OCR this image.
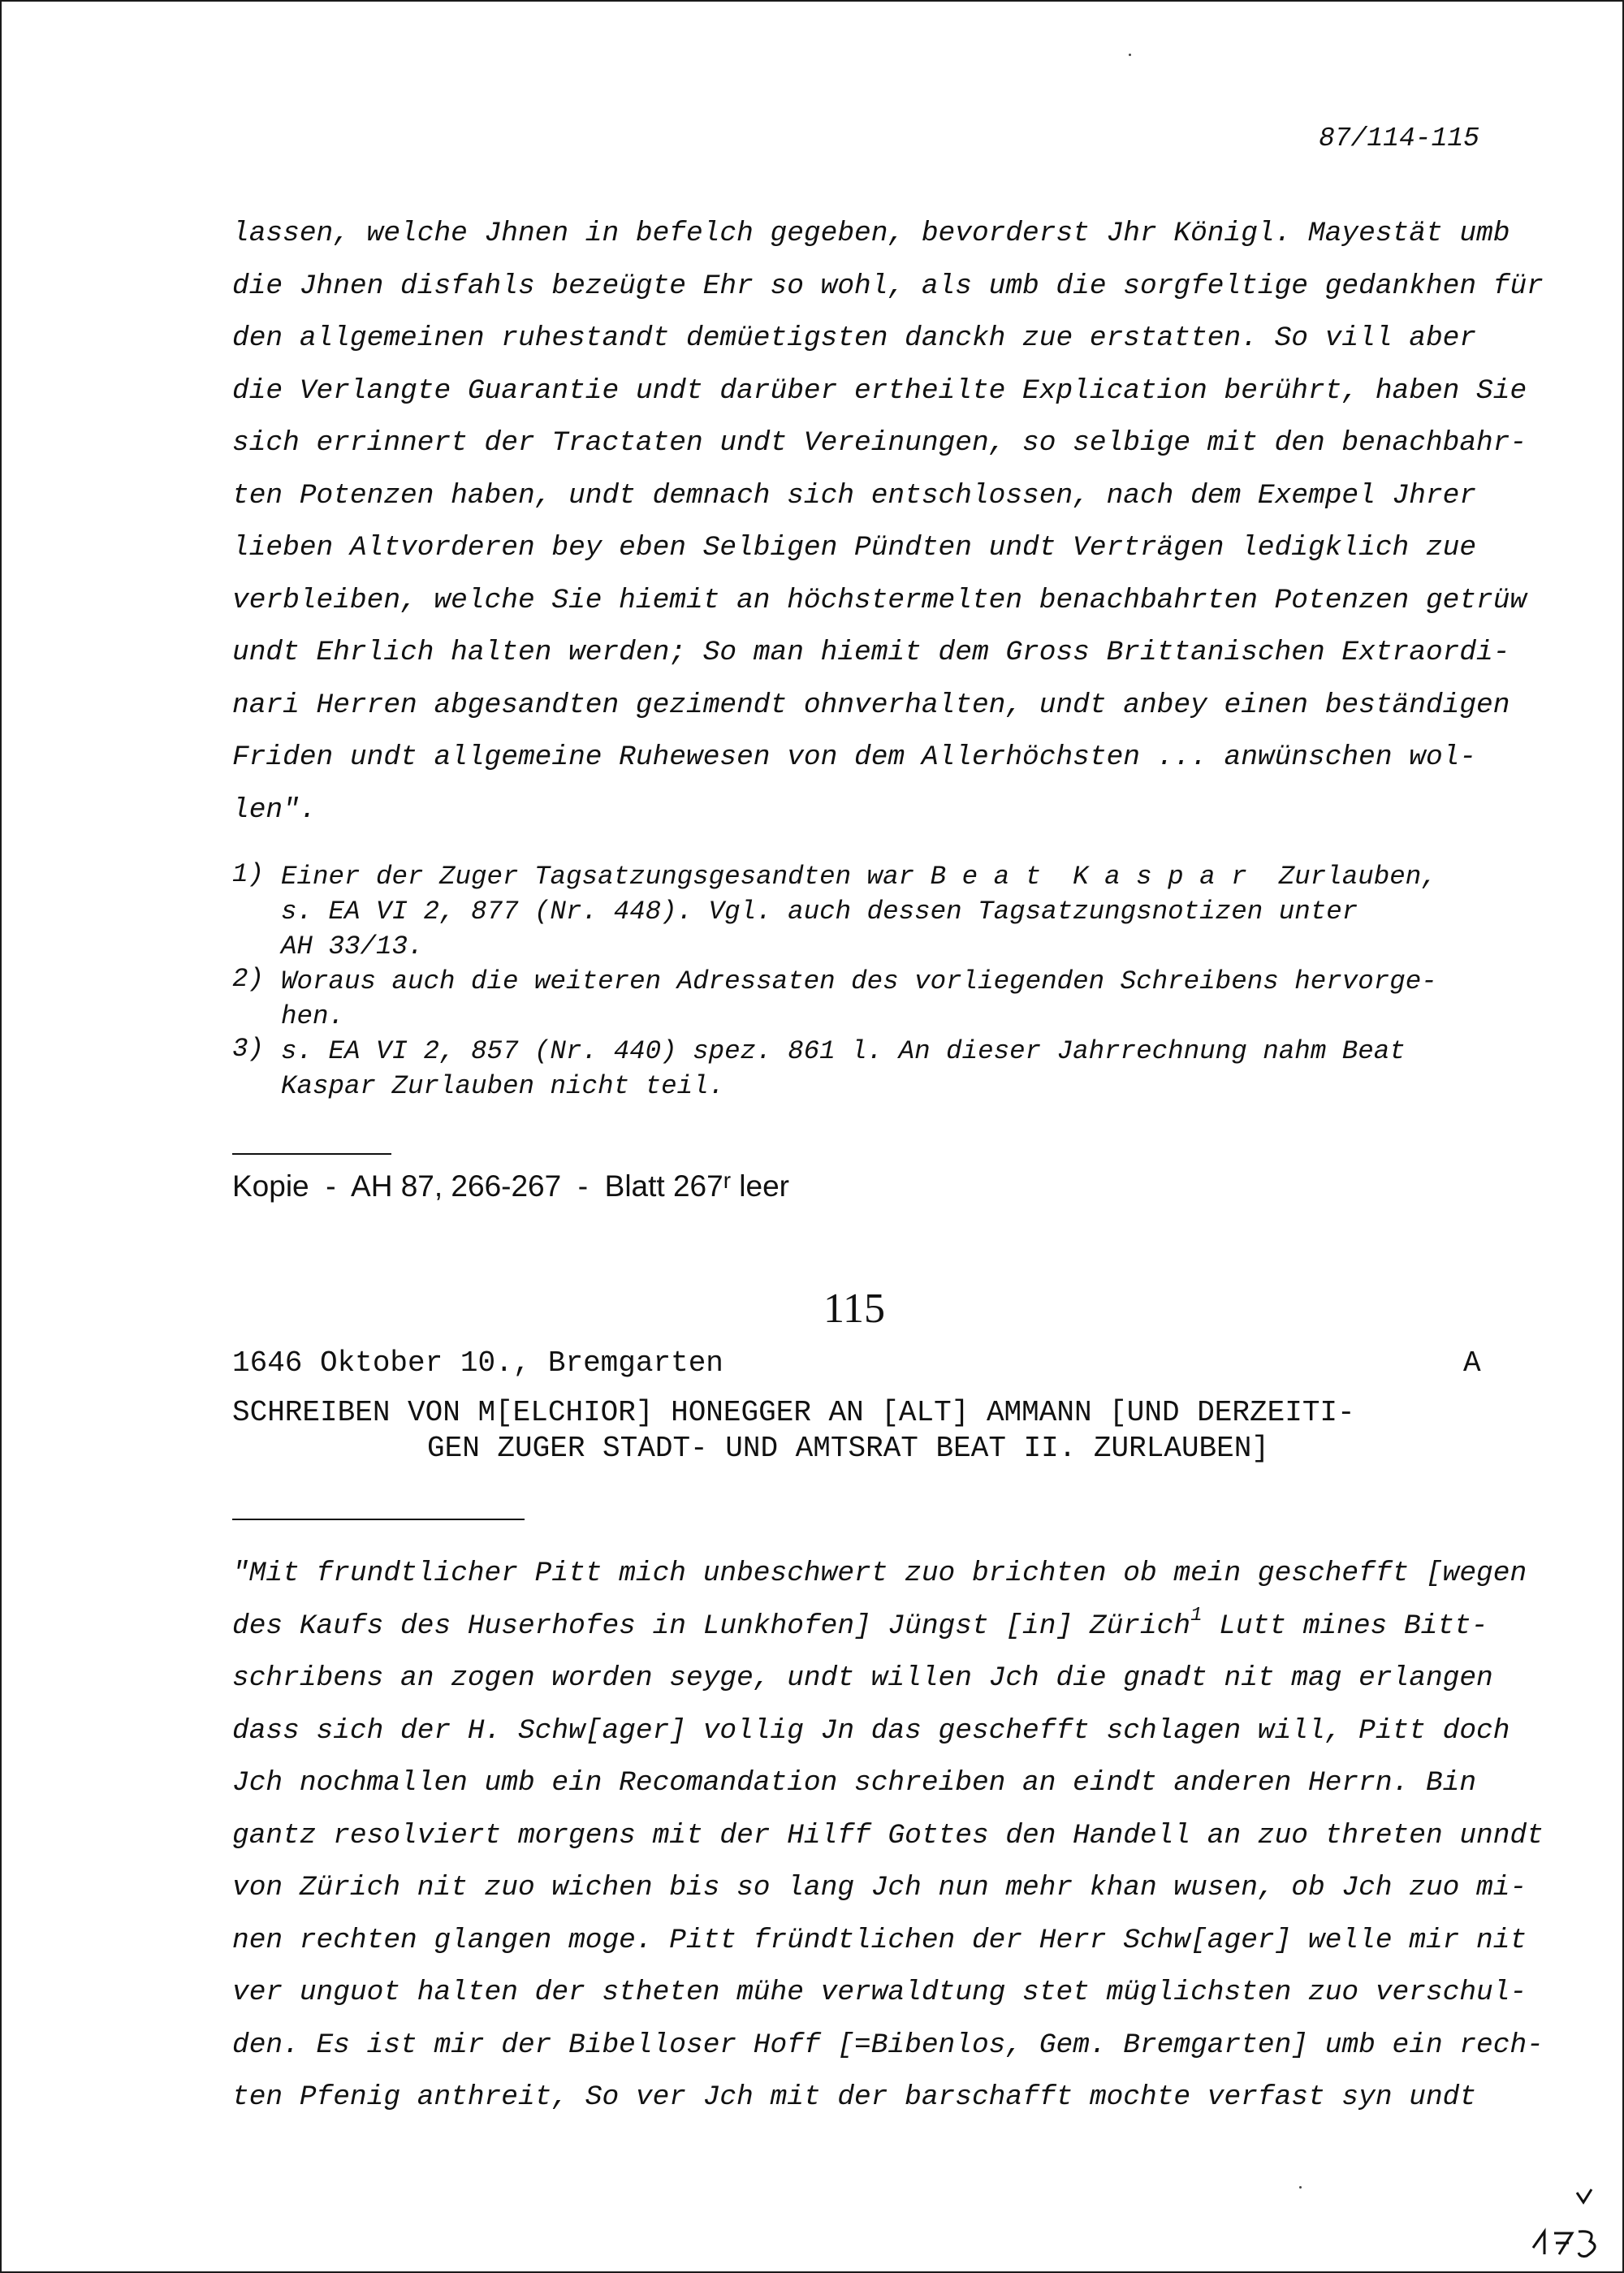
87/114-115
lassen, welche Jhnen in befelch gegeben, bevorderst Jhr Königl. Mayestät umb
die Jhnen disfahls bezeügte Ehr so wohl, als umb die sorgfeltige gedankhen für
den allgemeinen ruhestandt demüetigsten danckh zue erstatten. So vill aber
die Verlangte Guarantie undt darüber ertheilte Explication berührt, haben Sie
sich errinnert der Tractaten undt Vereinungen, so selbige mit den benachbahr-
ten Potenzen haben, undt demnach sich entschlossen, nach dem Exempel Jhrer
lieben Altvorderen bey eben Selbigen Pündten undt Verträgen ledigklich zue
verbleiben, welche Sie hiemit an höchstermelten benachbahrten Potenzen getrüw
undt Ehrlich halten werden; So man hiemit dem Gross Brittanischen Extraordi-
nari Herren abgesandten gezimendt ohnverhalten, undt anbey einen beständigen
Friden undt allgemeine Ruhewesen von dem Allerhöchsten ... anwünschen wol-
len".
1) Einer der Zuger Tagsatzungsgesandten war B e a t  K a s p a r  Zurlauben,
s. EA VI 2, 877 (Nr. 448). Vgl. auch dessen Tagsatzungsnotizen unter
AH 33/13.
2) Woraus auch die weiteren Adressaten des vorliegenden Schreibens hervorge-
hen.
3) s. EA VI 2, 857 (Nr. 440) spez. 861 l. An dieser Jahrrechnung nahm Beat
Kaspar Zurlauben nicht teil.
Kopie  -  AH 87, 266-267  -  Blatt 267$^r$ leer
115
1646 Oktober 10., Bremgarten	A
SCHREIBEN VON M[ELCHIOR] HONEGGER AN [ALT] AMMANN [UND DERZEITI-
GEN ZUGER STADT- UND AMTSRAT BEAT II. ZURLAUBEN]
"Mit frundtlicher Pitt mich unbeschwert zuo brichten ob mein geschefft [wegen
des Kaufs des Huserhofes in Lunkhofen] Jüngst [in] Zürich$^1$ Lutt mines Bitt-
schribens an zogen worden seyge, undt willen Jch die gnadt nit mag erlangen
dass sich der H. Schw[ager] vollig Jn das geschefft schlagen will, Pitt doch
Jch nochmallen umb ein Recomandation schreiben an eindt anderen Herrn. Bin
gantz resolviert morgens mit der Hilff Gottes den Handell an zuo threten unndt
von Zürich nit zuo wichen bis so lang Jch nun mehr khan wusen, ob Jch zuo mi-
nen rechten glangen moge. Pitt fründtlichen der Herr Schw[ager] welle mir nit
ver unguot halten der stheten mühe verwaldtung stet müglichsten zuo verschul-
den. Es ist mir der Bibelloser Hoff [=Bibenlos, Gem. Bremgarten] umb ein rech-
ten Pfenig anthreit, So ver Jch mit der barschafft mochte verfast syn undt
